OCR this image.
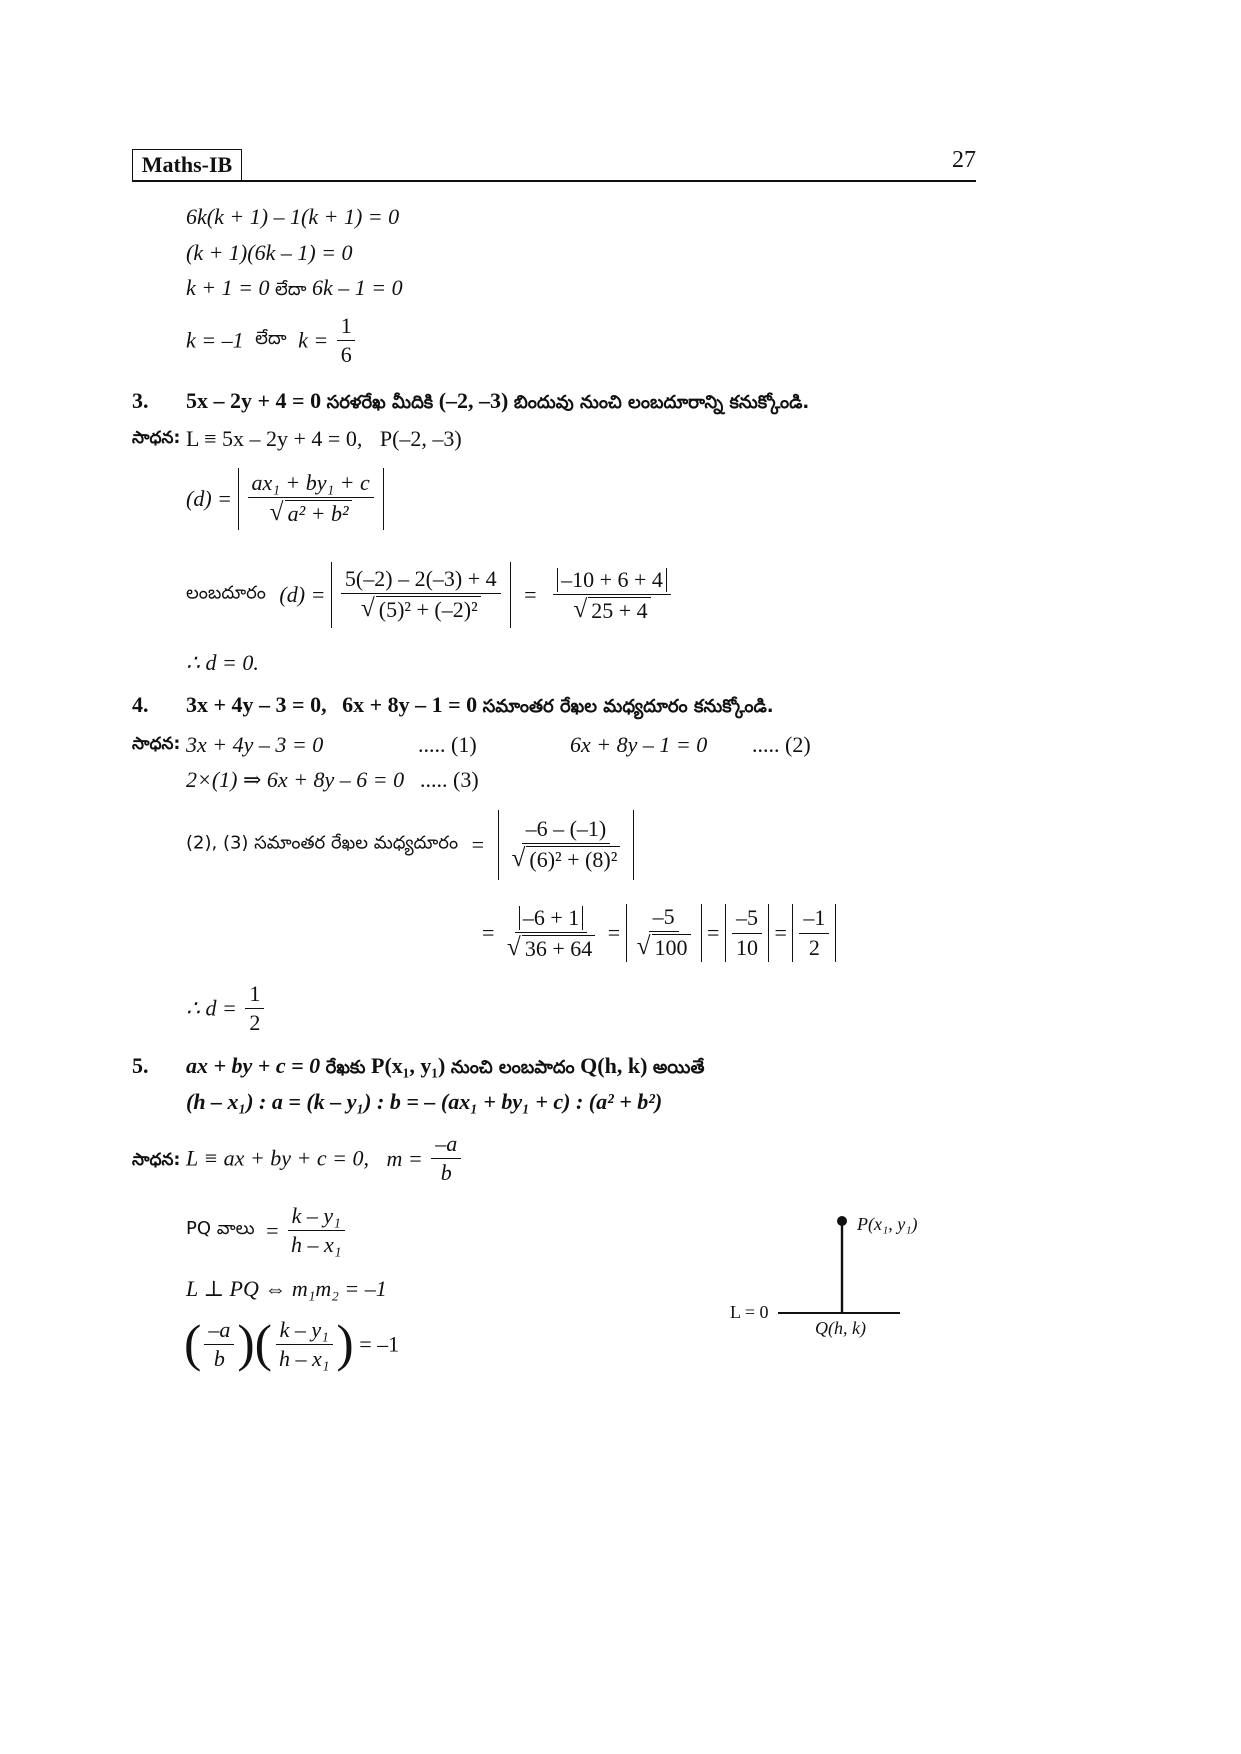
Maths-IB	27
6k(k + 1) – 1(k + 1) = 0
(k + 1)(6k – 1) = 0
k + 1 = 0 లేదా 6k – 1 = 0
k = –1 లేదా $k = \frac{1}{6}$
3. 5x – 2y + 4 = 0 సరళరేఖ మీదికి (–2, –3) బిందువు నుంచి లంబదూరాన్ని కనుక్కోండి.
సాధన: L ≡ 5x – 2y + 4 = 0, P(–2, –3)
$(d) = \frac{\text{ax₁ + by₁ + c}}{\text{√ a² + b²}}$
లంబదూరం $(d) = \frac{5(-2) - 2(-3) + 4}{\text{√ (5)² + (–2)²}} = \frac{-10 + 6 + 4}{√ 25 + 4}$
∴ d = 0.
4. 3x + 4y – 3 = 0, 6x + 8y – 1 = 0 సమాంతర రేఖల మధ్యదూరం కనుక్కోండి.
సాధన: 3x + 4y – 3 = 0	..... (1)	6x + 8y – 1 = 0 ..... (2)
2×(1) ⇒ 6x + 8y – 6 = 0 ..... (3)
(2), (3) సమాంతర రేఖల మధ్యదూరం = $\frac{-6 - (-1)}{\text{√ (6)² + (8)²}}$
= $\frac{-6 + 1}{√ 36 + 64} = \frac{-5}{√ 100} = \frac{-5}{10} = \frac{-1}{2}$
∴ $d = \frac{1}{2}$
5. ax + by + c = 0 రేఖకు P(x₁, y₁) నుంచి లంబపాదం Q(h, k) అయితే
(h – x₁) : a = (k – y₁) : b = – (ax₁ + by₁ + c) : (a² + b²)
సాధన: L ≡ ax + by + c = 0, $m = \frac{-a}{b}$
PQ వాలు = $\frac{\text{k – y₁}}{\text{h – x₁}}$
L ⊥ PQ ⇔ m₁m₂ = –1
( $\frac{-a}{b}$ )( $\frac{\text{k – y₁}}{\text{h – x₁}}$ ) = –1
P(x₁, y₁)
L = 0
Q(h, k)
